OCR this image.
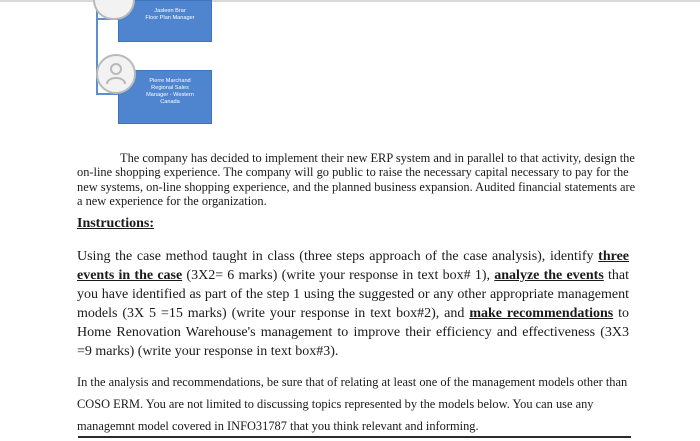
Jasleen Brar
Floor Plan Manager
Pierre Marchand
Regional Sales
Manager - Western
Canada
The company has decided to implement their new ERP system and in parallel to that activity, design the on-line shopping experience. The company will go public to raise the necessary capital necessary to pay for the new systems, on-line shopping experience, and the planned business expansion. Audited financial statements are a new experience for the organization.
Instructions:
Using the case method taught in class (three steps approach of the case analysis), identify three events in the case (3X2= 6 marks) (write your response in text box# 1), analyze the events that you have identified as part of the step 1 using the suggested or any other appropriate management models (3X 5 =15 marks) (write your response in text box#2), and make recommendations to Home Renovation Warehouse's management to improve their efficiency and effectiveness (3X3 =9 marks) (write your response in text box#3).
In the analysis and recommendations, be sure that of relating at least one of the management models other than COSO ERM. You are not limited to discussing topics represented by the models below. You can use any managemnt model covered in INFO31787 that you think relevant and informing.
